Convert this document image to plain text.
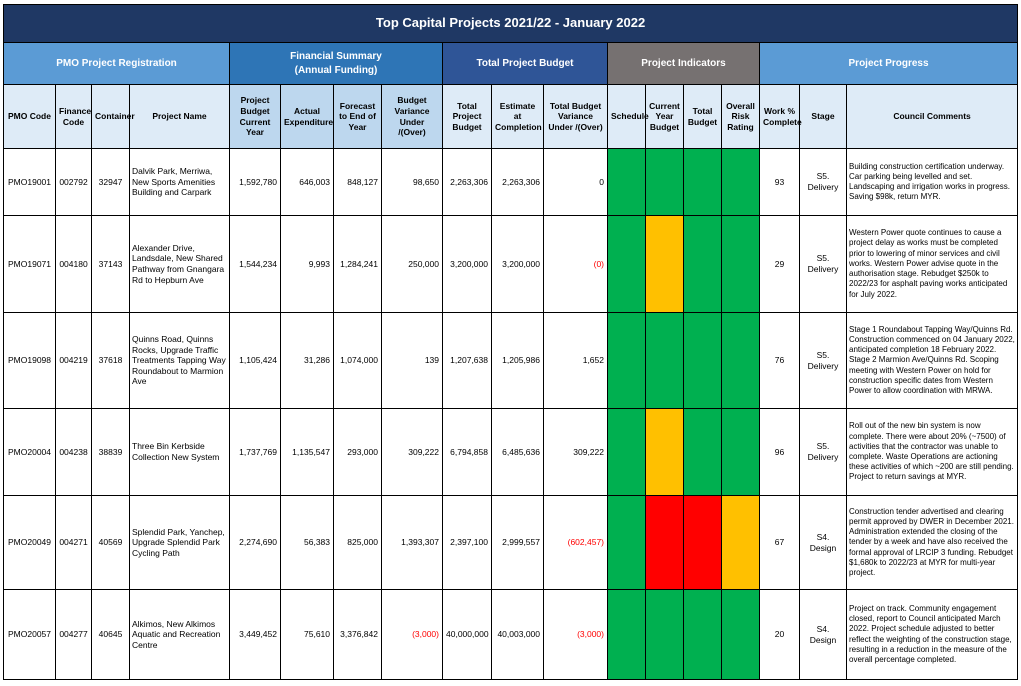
Top Capital Projects 2021/22 - January 2022																	
PMO Project Registration				Financial Summary
(Annual Funding)				Total Project Budget			Project Indicators				Project Progress		
PMO Code	Finance Code	Container	Project Name	Project Budget Current Year	Actual Expenditure	Forecast to End of Year	Budget Variance Under /(Over)	Total Project Budget	Estimate at Completion	Total Budget Variance Under /(Over)	Schedule	Current Year Budget	Total Budget	Overall Risk Rating	Work % Complete	Stage	Council Comments
PMO19001	002792	32947	Dalvik Park, Merriwa, New Sports Amenities Building and Carpark	1,592,780	646,003	848,127	98,650	2,263,306	2,263,306	0					93	S5. Delivery	Building construction certification underway. Car parking being levelled and set. Landscaping and irrigation works in progress. Saving $98k, return MYR.
PMO19071	004180	37143	Alexander Drive, Landsdale, New Shared Pathway from Gnangara Rd to Hepburn Ave	1,544,234	9,993	1,284,241	250,000	3,200,000	3,200,000	(0)					29	S5. Delivery	Western Power quote continues to cause a project delay as works must be completed prior to lowering of minor services and civil works. Western Power advise quote in the authorisation stage. Rebudget $250k to 2022/23 for asphalt paving works anticipated for July 2022.
PMO19098	004219	37618	Quinns Road, Quinns Rocks, Upgrade Traffic Treatments Tapping Way Roundabout to Marmion Ave	1,105,424	31,286	1,074,000	139	1,207,638	1,205,986	1,652					76	S5. Delivery	Stage 1 Roundabout Tapping Way/Quinns Rd. Construction commenced on 04 January 2022, anticipated completion 18 February 2022. Stage 2 Marmion Ave/Quinns Rd. Scoping meeting with Western Power on hold for construction specific dates from Western Power to allow coordination with MRWA.
PMO20004	004238	38839	Three Bin Kerbside Collection New System	1,737,769	1,135,547	293,000	309,222	6,794,858	6,485,636	309,222					96	S5. Delivery	Roll out of the new bin system is now complete. There were about 20% (~7500) of activities that the contractor was unable to complete. Waste Operations are actioning these activities of which ~200 are still pending. Project to return savings at MYR.
PMO20049	004271	40569	Splendid Park, Yanchep, Upgrade Splendid Park Cycling Path	2,274,690	56,383	825,000	1,393,307	2,397,100	2,999,557	(602,457)					67	S4. Design	Construction tender advertised and clearing permit approved by DWER in December 2021. Administration extended the closing of the tender by a week and have also received the formal approval of LRCIP 3 funding. Rebudget $1,680k to 2022/23 at MYR for multi-year project.
PMO20057	004277	40645	Alkimos, New Alkimos Aquatic and Recreation Centre	3,449,452	75,610	3,376,842	(3,000)	40,000,000	40,003,000	(3,000)					20	S4. Design	Project on track. Community engagement closed, report to Council anticipated March 2022. Project schedule adjusted to better reflect the weighting of the construction stage, resulting in a reduction in the measure of the overall percentage completed.
